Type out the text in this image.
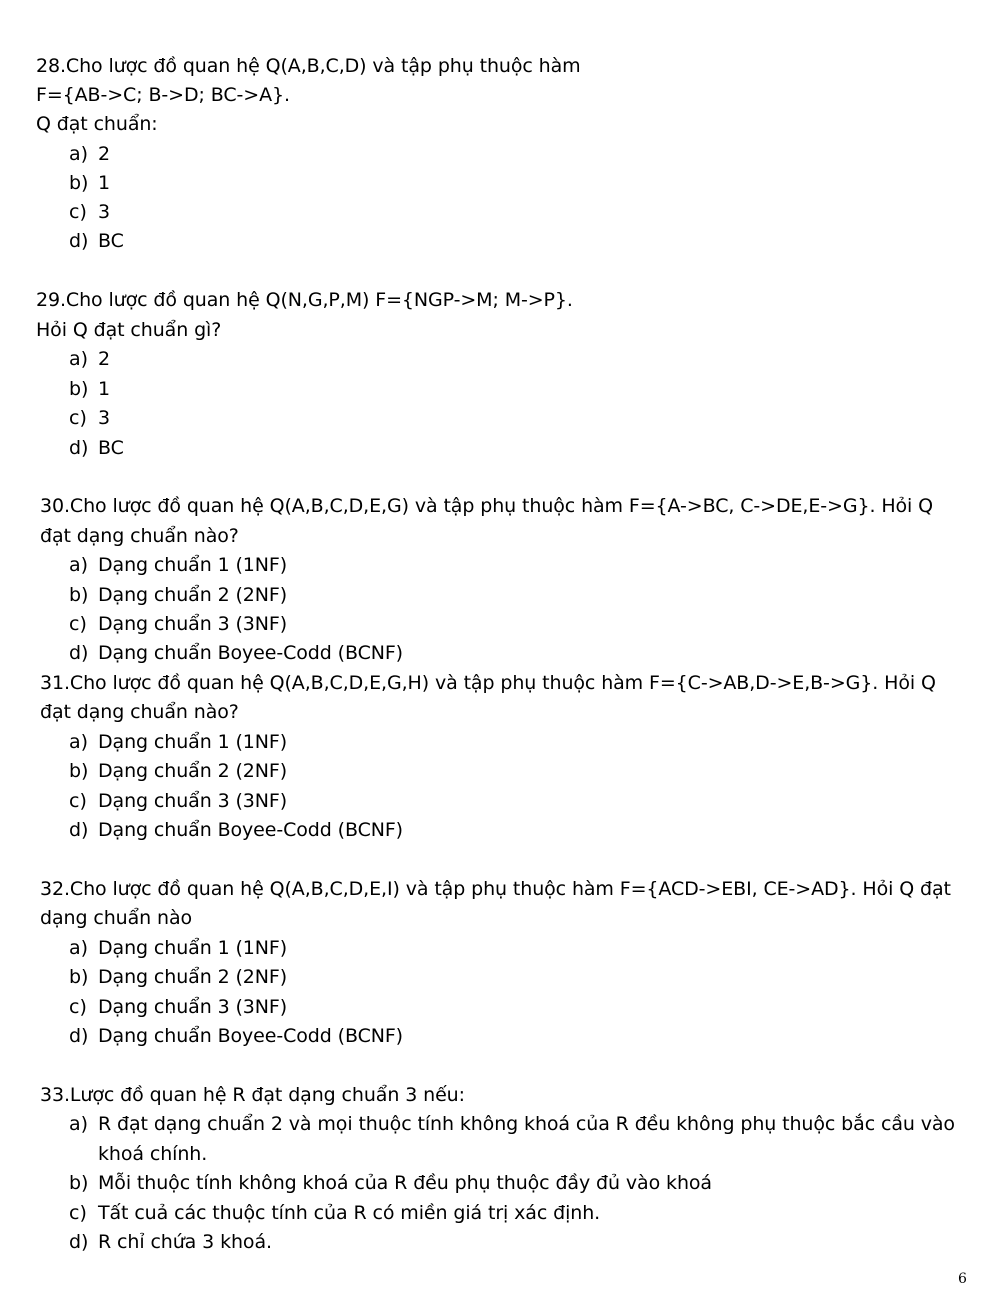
28.Cho lược đồ quan hệ Q(A,B,C,D) và tập phụ thuộc hàm
F={AB->C; B->D; BC->A}.
Q đạt chuẩn:
a) 2
b) 1
c) 3
d) BC
29.Cho lược đồ quan hệ Q(N,G,P,M) F={NGP->M; M->P}.
Hỏi Q đạt chuẩn gì?
a) 2
b) 1
c) 3
d) BC
30.Cho lược đồ quan hệ Q(A,B,C,D,E,G) và tập phụ thuộc hàm F={A->BC, C->DE,E->G}. Hỏi Q
đạt dạng chuẩn nào?
a) Dạng chuẩn 1 (1NF)
b) Dạng chuẩn 2 (2NF)
c) Dạng chuẩn 3 (3NF)
d) Dạng chuẩn Boyee-Codd (BCNF)
31.Cho lược đồ quan hệ Q(A,B,C,D,E,G,H) và tập phụ thuộc hàm F={C->AB,D->E,B->G}. Hỏi Q
đạt dạng chuẩn nào?
a) Dạng chuẩn 1 (1NF)
b) Dạng chuẩn 2 (2NF)
c) Dạng chuẩn 3 (3NF)
d) Dạng chuẩn Boyee-Codd (BCNF)
32.Cho lược đồ quan hệ Q(A,B,C,D,E,I) và tập phụ thuộc hàm F={ACD->EBI, CE->AD}. Hỏi Q đạt
dạng chuẩn nào
a) Dạng chuẩn 1 (1NF)
b) Dạng chuẩn 2 (2NF)
c) Dạng chuẩn 3 (3NF)
d) Dạng chuẩn Boyee-Codd (BCNF)
33.Lược đồ quan hệ R đạt dạng chuẩn 3 nếu:
a) R đạt dạng chuẩn 2 và mọi thuộc tính không khoá của R đều không phụ thuộc bắc cầu vào
khoá chính.
b) Mỗi thuộc tính không khoá của R đều phụ thuộc đầy đủ vào khoá
c) Tất cuả các thuộc tính của R có miền giá trị xác định.
d) R chỉ chứa 3 khoá.
6
